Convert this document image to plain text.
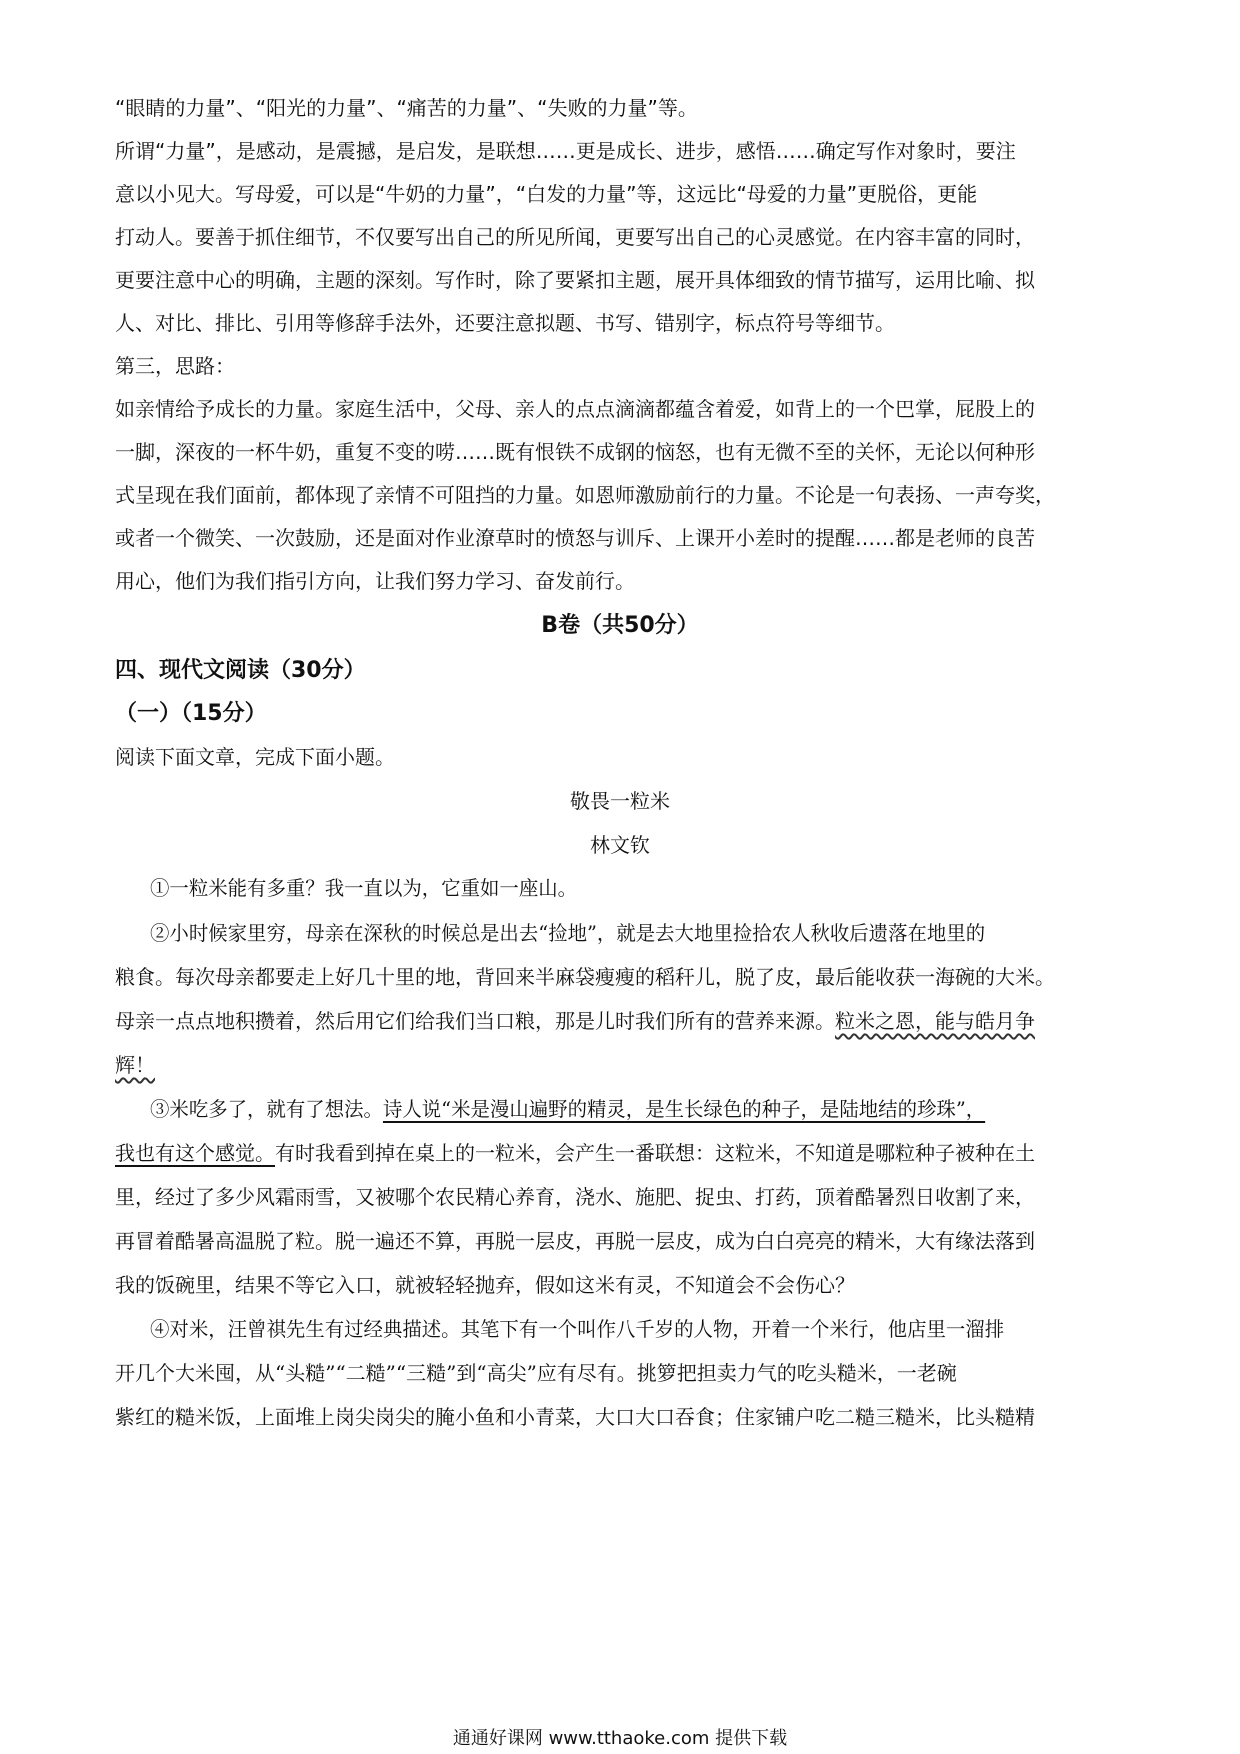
“眼睛的力量”、“阳光的力量”、“痛苦的力量”、“失败的力量”等。
所谓“力量”，是感动，是震撼，是启发，是联想……更是成长、进步，感悟……确定写作对象时，要注
意以小见大。写母爱，可以是“牛奶的力量”，“白发的力量”等，这远比“母爱的力量”更脱俗，更能
打动人。要善于抓住细节，不仅要写出自己的所见所闻，更要写出自己的心灵感觉。在内容丰富的同时，
更要注意中心的明确，主题的深刻。写作时，除了要紧扣主题，展开具体细致的情节描写，运用比喻、拟
人、对比、排比、引用等修辞手法外，还要注意拟题、书写、错别字，标点符号等细节。
第三，思路：
如亲情给予成长的力量。家庭生活中，父母、亲人的点点滴滴都蕴含着爱，如背上的一个巴掌，屁股上的
一脚，深夜的一杯牛奶，重复不变的唠……既有恨铁不成钢的恼怒，也有无微不至的关怀，无论以何种形
式呈现在我们面前，都体现了亲情不可阻挡的力量。如恩师激励前行的力量。不论是一句表扬、一声夸奖，
或者一个微笑、一次鼓励，还是面对作业潦草时的愤怒与训斥、上课开小差时的提醒……都是老师的良苦
用心，他们为我们指引方向，让我们努力学习、奋发前行。
B卷（共50分）
四、现代文阅读（30分）
（一）（15分）
阅读下面文章，完成下面小题。
敬畏一粒米
林文钦
①一粒米能有多重？我一直以为，它重如一座山。
②小时候家里穷，母亲在深秋的时候总是出去“捡地”，就是去大地里捡拾农人秋收后遗落在地里的
粮食。每次母亲都要走上好几十里的地，背回来半麻袋瘦瘦的稻秆儿，脱了皮，最后能收获一海碗的大米。
母亲一点点地积攒着，然后用它们给我们当口粮，那是儿时我们所有的营养来源。粒米之恩，能与皓月争
辉！
③米吃多了，就有了想法。诗人说“米是漫山遍野的精灵，是生长绿色的种子，是陆地结的珍珠”，
我也有这个感觉。有时我看到掉在桌上的一粒米，会产生一番联想：这粒米，不知道是哪粒种子被种在土
里，经过了多少风霜雨雪，又被哪个农民精心养育，浇水、施肥、捉虫、打药，顶着酷暑烈日收割了来，
再冒着酷暑高温脱了粒。脱一遍还不算，再脱一层皮，再脱一层皮，成为白白亮亮的精米，大有缘法落到
我的饭碗里，结果不等它入口，就被轻轻抛弃，假如这米有灵，不知道会不会伤心？
④对米，汪曾祺先生有过经典描述。其笔下有一个叫作八千岁的人物，开着一个米行，他店里一溜排
开几个大米囤，从“头糙”“二糙”“三糙”到“高尖”应有尽有。挑箩把担卖力气的吃头糙米，一老碗
紫红的糙米饭，上面堆上岗尖岗尖的腌小鱼和小青菜，大口大口吞食；住家铺户吃二糙三糙米，比头糙精
通通好课网 www.tthaoke.com 提供下载
